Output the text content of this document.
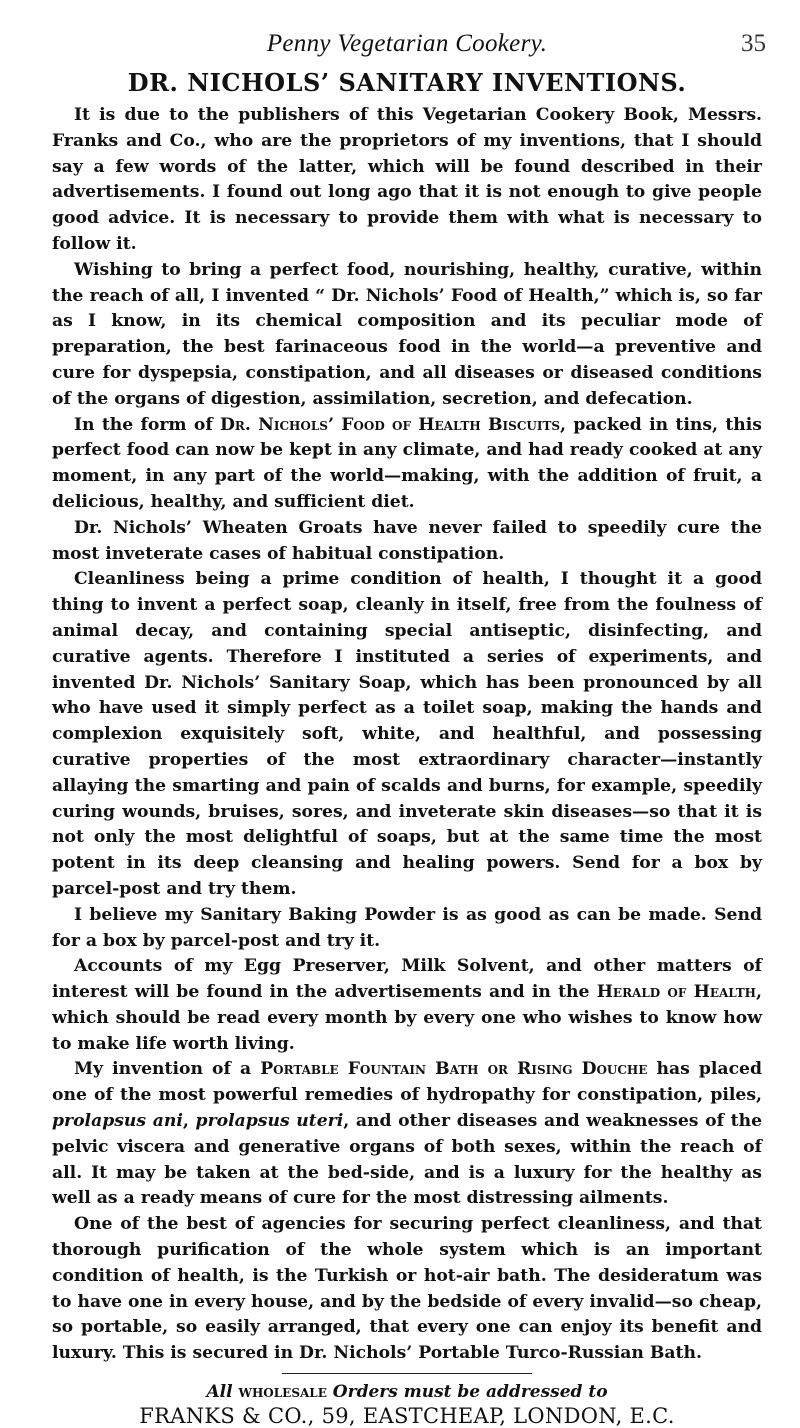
Penny Vegetarian Cookery.	35
DR. NICHOLS’ SANITARY INVENTIONS.

It is due to the publishers of this Vegetarian Cookery Book, Messrs. Franks and Co., who are the proprietors of my inventions, that I should say a few words of the latter, which will be found described in their advertisements. I found out long ago that it is not enough to give people good advice. It is necessary to provide them with what is necessary to follow it.

Wishing to bring a perfect food, nourishing, healthy, curative, within the reach of all, I invented “ Dr. Nichols’ Food of Health,” which is, so far as I know, in its chemical composition and its peculiar mode of preparation, the best farinaceous food in the world—a preventive and cure for dyspepsia, constipation, and all diseases or diseased conditions of the organs of digestion, assimilation, secretion, and defecation.

In the form of Dr. Nichols’ Food of Health Biscuits, packed in tins, this perfect food can now be kept in any climate, and had ready cooked at any moment, in any part of the world—making, with the addition of fruit, a delicious, healthy, and sufficient diet.

Dr. Nichols’ Wheaten Groats have never failed to speedily cure the most inveterate cases of habitual constipation.

Cleanliness being a prime condition of health, I thought it a good thing to invent a perfect soap, cleanly in itself, free from the foulness of animal decay, and containing special antiseptic, disinfecting, and curative agents. Therefore I instituted a series of experiments, and invented Dr. Nichols’ Sanitary Soap, which has been pronounced by all who have used it simply perfect as a toilet soap, making the hands and complexion exquisitely soft, white, and healthful, and possessing curative properties of the most extraordinary character—instantly allaying the smarting and pain of scalds and burns, for example, speedily curing wounds, bruises, sores, and inveterate skin diseases—so that it is not only the most delightful of soaps, but at the same time the most potent in its deep cleansing and healing powers. Send for a box by parcel-post and try them.

I believe my Sanitary Baking Powder is as good as can be made. Send for a box by parcel-post and try it.

Accounts of my Egg Preserver, Milk Solvent, and other matters of interest will be found in the advertisements and in the Herald of Health, which should be read every month by every one who wishes to know how to make life worth living.

My invention of a Portable Fountain Bath or Rising Douche has placed one of the most powerful remedies of hydropathy for constipation, piles, prolapsus ani, prolapsus uteri, and other diseases and weaknesses of the pelvic viscera and generative organs of both sexes, within the reach of all. It may be taken at the bed-side, and is a luxury for the healthy as well as a ready means of cure for the most distressing ailments.

One of the best of agencies for securing perfect cleanliness, and that thorough purification of the whole system which is an important condition of health, is the Turkish or hot-air bath. The desideratum was to have one in every house, and by the bedside of every invalid—so cheap, so portable, so easily arranged, that every one can enjoy its benefit and luxury. This is secured in Dr. Nichols’ Portable Turco-Russian Bath.

All wholesale Orders must be addressed to
FRANKS & CO., 59, EASTCHEAP, LONDON, E.C.
